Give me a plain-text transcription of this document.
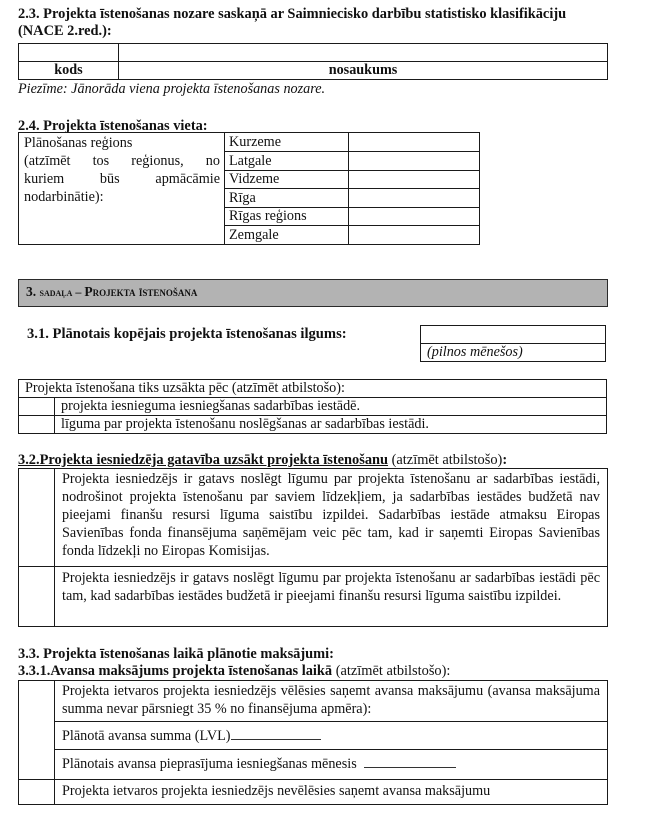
2.3. Projekta īstenošanas nozare saskaņā ar Saimniecisko darbību statistisko klasifikāciju
(NACE 2.red.):
kods	nosaukums
Piezīme: Jānorāda viena projekta īstenošanas nozare.
2.4. Projekta īstenošanas vieta:
Plānošanas reģions
(atzīmēt tos reģionus, no
kuriem būs apmācāmie
nodarbinātie):
Kurzeme
Latgale
Vidzeme
Rīga
Rīgas reģions
Zemgale
3. sadaļa – Projekta īstenošana
3.1. Plānotais kopējais projekta īstenošanas ilgums:
(pilnos mēnešos)
Projekta īstenošana tiks uzsākta pēc (atzīmēt atbilstošo):
projekta iesnieguma iesniegšanas sadarbības iestādē.
līguma par projekta īstenošanu noslēgšanas ar sadarbības iestādi.
3.2.Projekta iesniedzēja gatavība uzsākt projekta īstenošanu (atzīmēt atbilstošo):
Projekta iesniedzējs ir gatavs noslēgt līgumu par projekta īstenošanu ar sadarbības iestādi, nodrošinot projekta īstenošanu par saviem līdzekļiem, ja sadarbības iestādes budžetā nav pieejami finanšu resursi līguma saistību izpildei. Sadarbības iestāde atmaksu Eiropas Savienības fonda finansējuma saņēmējam veic pēc tam, kad ir saņemti Eiropas Savienības fonda līdzekļi no Eiropas Komisijas.
Projekta iesniedzējs ir gatavs noslēgt līgumu par projekta īstenošanu ar sadarbības iestādi pēc tam, kad sadarbības iestādes budžetā ir pieejami finanšu resursi līguma saistību izpildei.
3.3. Projekta īstenošanas laikā plānotie maksājumi:
3.3.1.Avansa maksājums projekta īstenošanas laikā (atzīmēt atbilstošo):
Projekta ietvaros projekta iesniedzējs vēlēsies saņemt avansa maksājumu (avansa maksājuma summa nevar pārsniegt 35 % no finansējuma apmēra):
Plānotā avansa summa (LVL)
Plānotais avansa pieprasījuma iesniegšanas mēnesis
Projekta ietvaros projekta iesniedzējs nevēlēsies saņemt avansa maksājumu
